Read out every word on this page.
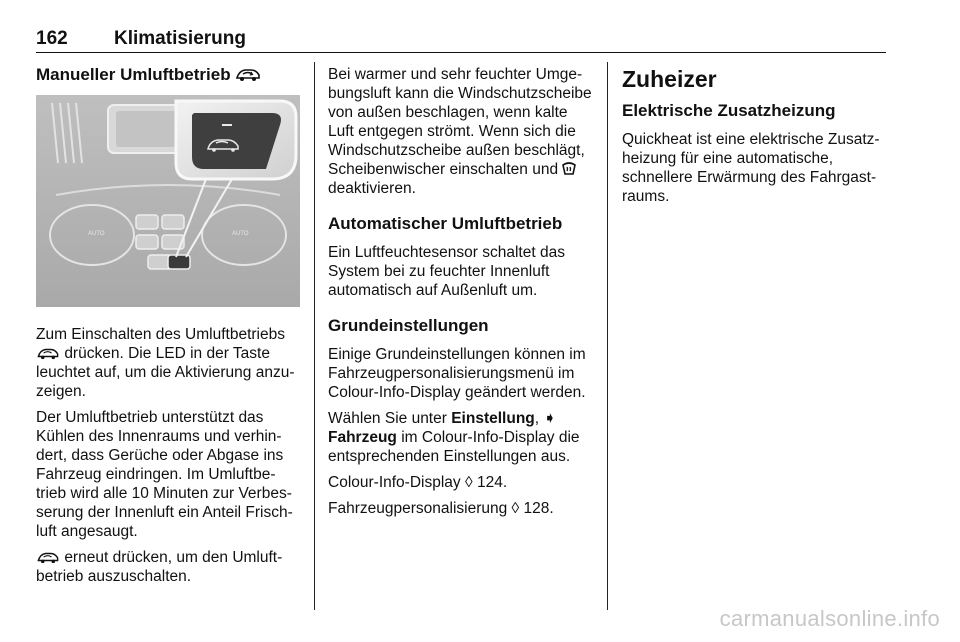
162 Klimatisierung
Manueller Umluftbetrieb
AUTO	AUTO

Zum Einschalten des Umluftbetriebs  drücken. Die LED in der Taste leuchtet auf, um die Aktivierung anzuzeigen.

Der Umluftbetrieb unterstützt das Kühlen des Innenraums und verhindert, dass Gerüche oder Abgase ins Fahrzeug eindringen. Im Umluftbetrieb wird alle 10 Minuten zur Verbesserung der Innenluft ein Anteil Frischluft angesaugt.

erneut drücken, um den Umluftbetrieb auszuschalten.

Bei warmer und sehr feuchter Umgebungsluft kann die Windschutzscheibe von außen beschlagen, wenn kalte Luft entgegen strömt. Wenn sich die Windschutzscheibe außen beschlägt, Scheibenwischer einschalten und  deaktivieren.

Automatischer Umluftbetrieb

Ein Luftfeuchtesensor schaltet das System bei zu feuchter Innenluft automatisch auf Außenluft um.

Grundeinstellungen

Einige Grundeinstellungen können im Fahrzeugpersonalisierungsmenü im Colour-Info-Display geändert werden.

Wählen Sie unter Einstellung, ➧ Fahrzeug im Colour-Info-Display die entsprechenden Einstellungen aus.

Colour-Info-Display ◊ 124.

Fahrzeugpersonalisierung ◊ 128.

Zuheizer
Elektrische Zusatzheizung

Quickheat ist eine elektrische Zusatzheizung für eine automatische, schnellere Erwärmung des Fahrgastraums.

carmanualsonline.info
